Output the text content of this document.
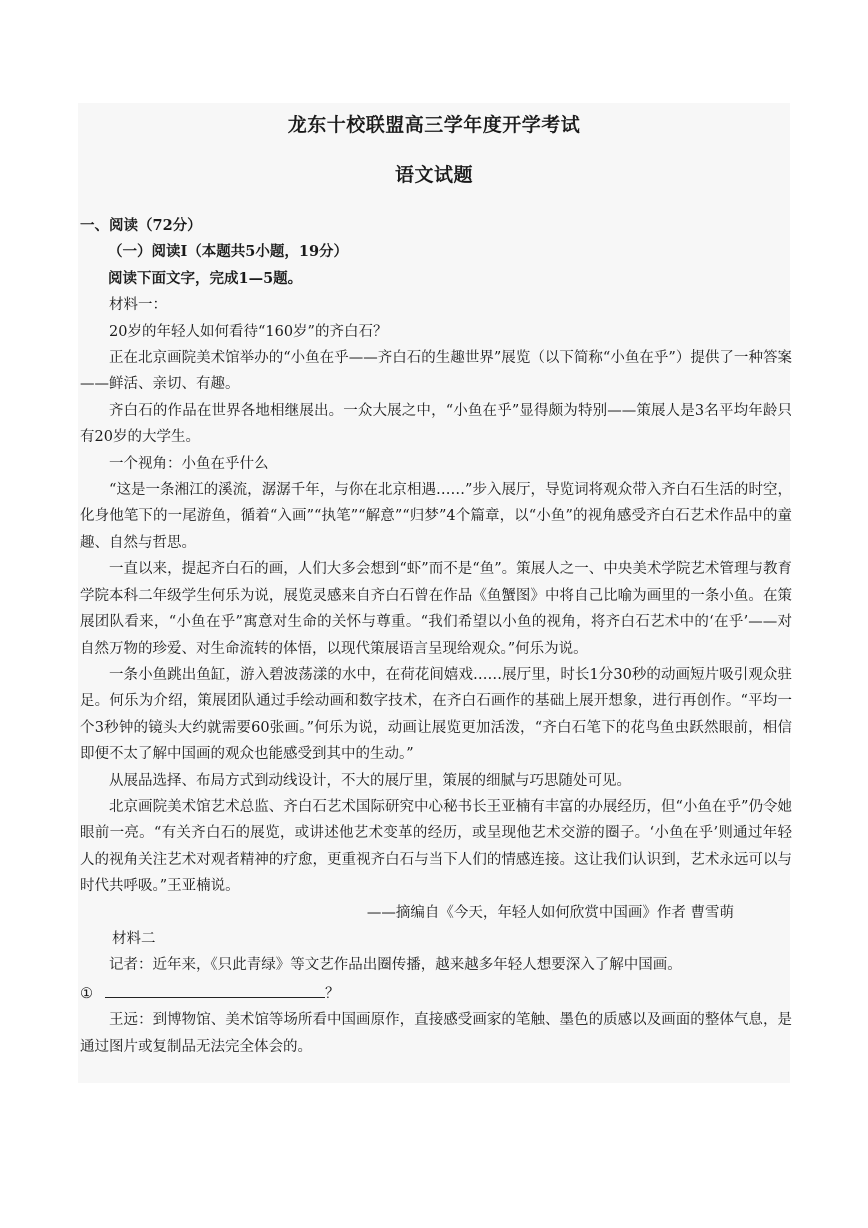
龙东十校联盟高三学年度开学考试
语文试题

一、阅读（72分）

（一）阅读Ⅰ（本题共5小题，19分）

阅读下面文字，完成1—5题。

材料一：

20岁的年轻人如何看待“160岁”的齐白石？

正在北京画院美术馆举办的“小鱼在乎——齐白石的生趣世界”展览（以下简称“小鱼在乎”）提供了一种答案——鲜活、亲切、有趣。

齐白石的作品在世界各地相继展出。一众大展之中，“小鱼在乎”显得颇为特别——策展人是3名平均年龄只有20岁的大学生。

一个视角：小鱼在乎什么

“这是一条湘江的溪流，潺潺千年，与你在北京相遇……”步入展厅，导览词将观众带入齐白石生活的时空，化身他笔下的一尾游鱼，循着“入画”“执笔”“解意”“归梦”4个篇章，以“小鱼”的视角感受齐白石艺术作品中的童趣、自然与哲思。

一直以来，提起齐白石的画，人们大多会想到“虾”而不是“鱼”。策展人之一、中央美术学院艺术管理与教育学院本科二年级学生何乐为说，展览灵感来自齐白石曾在作品《鱼蟹图》中将自己比喻为画里的一条小鱼。在策展团队看来，“小鱼在乎”寓意对生命的关怀与尊重。“我们希望以小鱼的视角，将齐白石艺术中的‘在乎’——对自然万物的珍爱、对生命流转的体悟，以现代策展语言呈现给观众。”何乐为说。

一条小鱼跳出鱼缸，游入碧波荡漾的水中，在荷花间嬉戏……展厅里，时长1分30秒的动画短片吸引观众驻足。何乐为介绍，策展团队通过手绘动画和数字技术，在齐白石画作的基础上展开想象，进行再创作。“平均一个3秒钟的镜头大约就需要60张画。”何乐为说，动画让展览更加活泼，“齐白石笔下的花鸟鱼虫跃然眼前，相信即便不太了解中国画的观众也能感受到其中的生动。”

从展品选择、布局方式到动线设计，不大的展厅里，策展的细腻与巧思随处可见。

北京画院美术馆艺术总监、齐白石艺术国际研究中心秘书长王亚楠有丰富的办展经历，但“小鱼在乎”仍令她眼前一亮。“有关齐白石的展览，或讲述他艺术变革的经历，或呈现他艺术交游的圈子。‘小鱼在乎’则通过年轻人的视角关注艺术对观者精神的疗愈，更重视齐白石与当下人们的情感连接。这让我们认识到，艺术永远可以与时代共呼吸。”王亚楠说。

——摘编自《今天，年轻人如何欣赏中国画》作者 曹雪萌

材料二

记者：近年来，《只此青绿》等文艺作品出圈传播，越来越多年轻人想要深入了解中国画。

①	？

王远：到博物馆、美术馆等场所看中国画原作，直接感受画家的笔触、墨色的质感以及画面的整体气息，是通过图片或复制品无法完全体会的。
